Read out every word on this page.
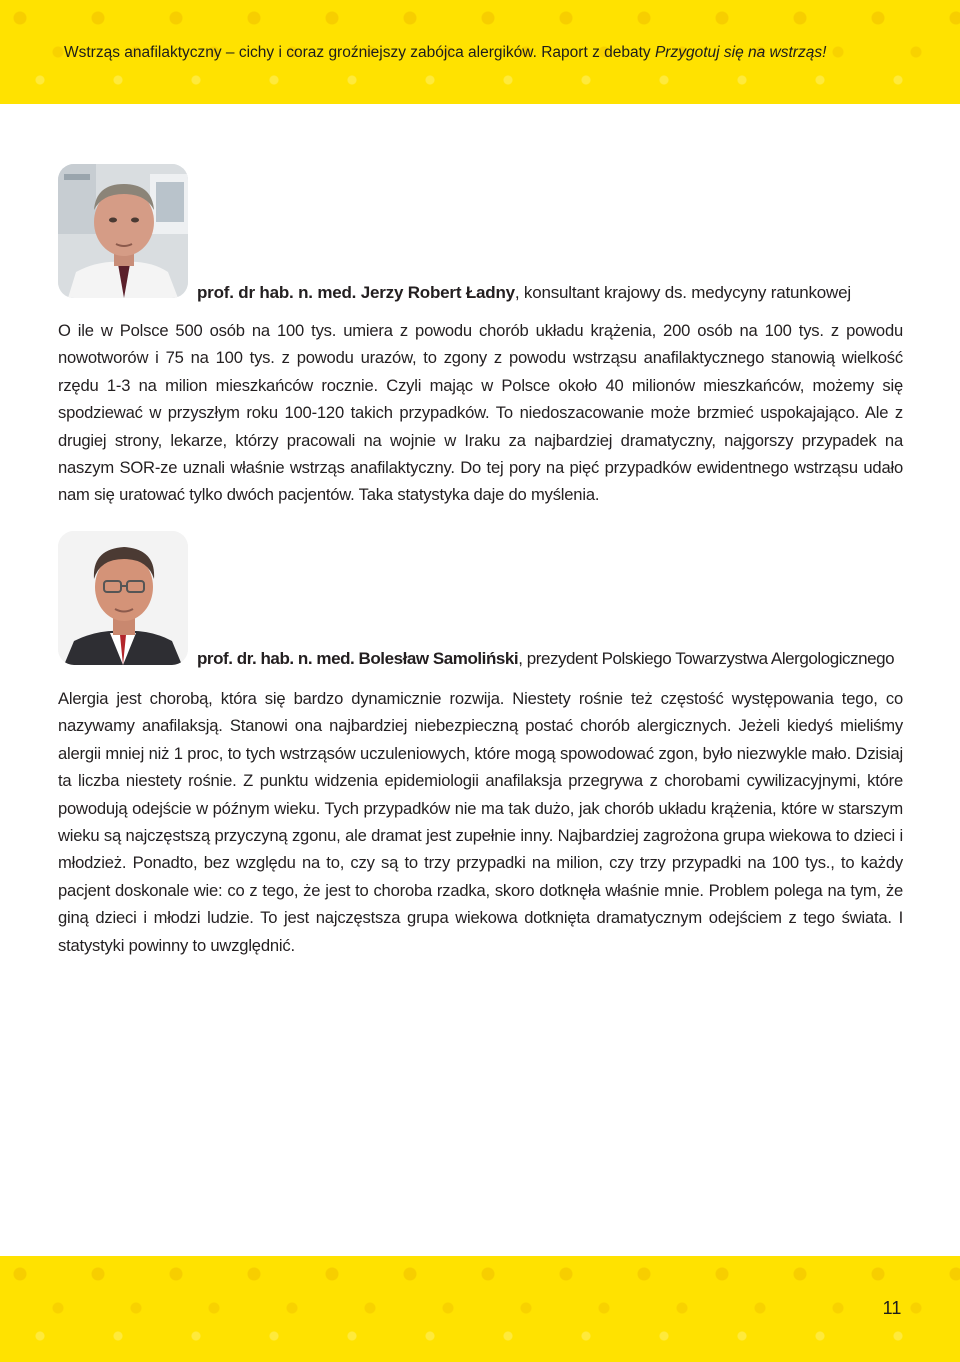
Wstrząs anafilaktyczny – cichy i coraz groźniejszy zabójca alergików. Raport z debaty Przygotuj się na wstrząs!
prof. dr hab. n. med. Jerzy Robert Ładny, konsultant krajowy ds. medycyny ratunkowej
O ile w Polsce 500 osób na 100 tys. umiera z powodu chorób układu krążenia, 200 osób na 100 tys. z powodu nowotworów i 75 na 100 tys. z powodu urazów, to zgony z powodu wstrząsu anafilaktycznego stanowią wielkość rzędu 1-3 na milion mieszkańców rocznie. Czyli mając w Polsce około 40 milionów mieszkańców, możemy się spodziewać w przyszłym roku 100-120 takich przypadków. To niedoszacowanie może brzmieć uspokajająco. Ale z drugiej strony, lekarze, którzy pracowali na wojnie w Iraku za najbardziej dramatyczny, najgorszy przypadek na naszym SOR-ze uznali właśnie wstrząs anafilaktyczny. Do tej pory na pięć przypadków ewidentnego wstrząsu udało nam się uratować tylko dwóch pacjentów. Taka statystyka daje do myślenia.
prof. dr. hab. n. med. Bolesław Samoliński, prezydent Polskiego Towarzystwa Alergologicznego
Alergia jest chorobą, która się bardzo dynamicznie rozwija. Niestety rośnie też częstość występowania tego, co nazywamy anafilaksją. Stanowi ona najbardziej niebezpieczną postać chorób alergicznych. Jeżeli kiedyś mieliśmy alergii mniej niż 1 proc, to tych wstrząsów uczuleniowych, które mogą spowodować zgon, było niezwykle mało. Dzisiaj ta liczba niestety rośnie. Z punktu widzenia epidemiologii anafilaksja przegrywa z chorobami cywilizacyjnymi, które powodują odejście w późnym wieku. Tych przypadków nie ma tak dużo, jak chorób układu krążenia, które w starszym wieku są najczęstszą przyczyną zgonu, ale dramat jest zupełnie inny. Najbardziej zagrożona grupa wiekowa to dzieci i młodzież. Ponadto, bez względu na to, czy są to trzy przypadki na milion, czy trzy przypadki na 100 tys., to każdy pacjent doskonale wie: co z tego, że jest to choroba rzadka, skoro dotknęła właśnie mnie. Problem polega na tym, że giną dzieci i młodzi ludzie. To jest najczęstsza grupa wiekowa dotknięta dramatycznym odejściem z tego świata. I statystyki powinny to uwzględnić.
11
